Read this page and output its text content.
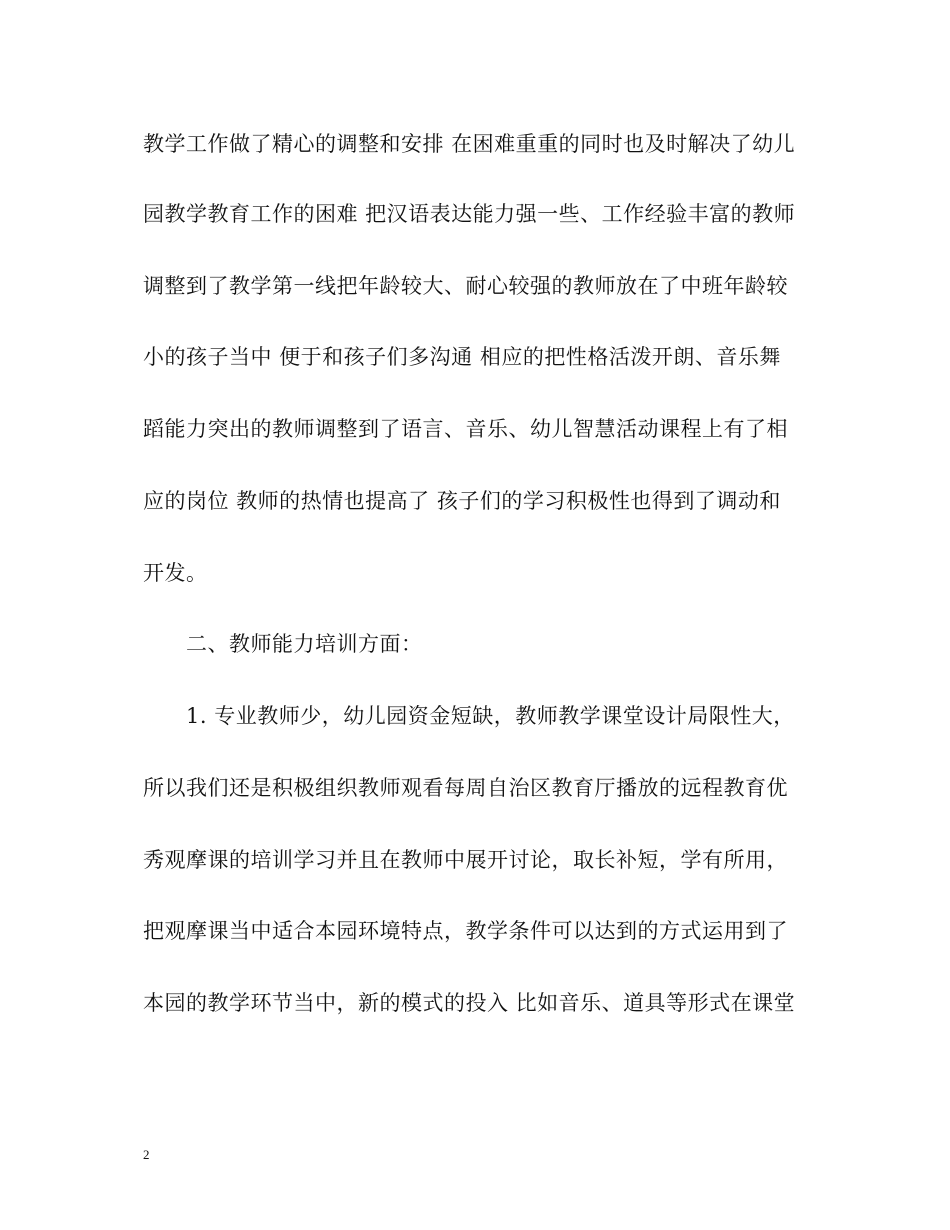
教学工作做了精心的调整和安排 在困难重重的同时也及时解决了幼儿
园教学教育工作的困难 把汉语表达能力强一些、工作经验丰富的教师
调整到了教学第一线把年龄较大、耐心较强的教师放在了中班年龄较
小的孩子当中 便于和孩子们多沟通 相应的把性格活泼开朗、音乐舞
蹈能力突出的教师调整到了语言、音乐、幼儿智慧活动课程上有了相
应的岗位 教师的热情也提高了 孩子们的学习积极性也得到了调动和
开发。
二、教师能力培训方面：
1. 专业教师少，幼儿园资金短缺，教师教学课堂设计局限性大，
所以我们还是积极组织教师观看每周自治区教育厅播放的远程教育优
秀观摩课的培训学习并且在教师中展开讨论，取长补短，学有所用，
把观摩课当中适合本园环境特点，教学条件可以达到的方式运用到了
本园的教学环节当中，新的模式的投入 比如音乐、道具等形式在课堂
2
